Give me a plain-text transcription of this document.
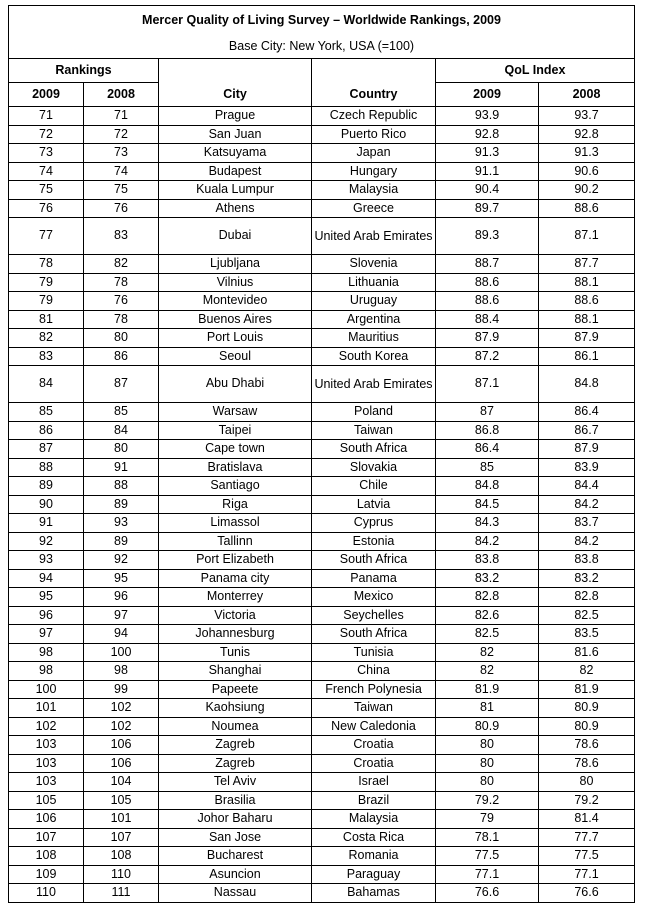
Mercer Quality of Living Survey – Worldwide Rankings, 2009					
Base City: New York, USA (=100)					
Rankings		City	Country	QoL Index	
2009	2008			2009	2008
71	71	Prague	Czech Republic	93.9	93.7
72	72	San Juan	Puerto Rico	92.8	92.8
73	73	Katsuyama	Japan	91.3	91.3
74	74	Budapest	Hungary	91.1	90.6
75	75	Kuala Lumpur	Malaysia	90.4	90.2
76	76	Athens	Greece	89.7	88.6
77	83	Dubai	United Arab Emirates	89.3	87.1
78	82	Ljubljana	Slovenia	88.7	87.7
79	78	Vilnius	Lithuania	88.6	88.1
79	76	Montevideo	Uruguay	88.6	88.6
81	78	Buenos Aires	Argentina	88.4	88.1
82	80	Port Louis	Mauritius	87.9	87.9
83	86	Seoul	South Korea	87.2	86.1
84	87	Abu Dhabi	United Arab Emirates	87.1	84.8
85	85	Warsaw	Poland	87	86.4
86	84	Taipei	Taiwan	86.8	86.7
87	80	Cape town	South Africa	86.4	87.9
88	91	Bratislava	Slovakia	85	83.9
89	88	Santiago	Chile	84.8	84.4
90	89	Riga	Latvia	84.5	84.2
91	93	Limassol	Cyprus	84.3	83.7
92	89	Tallinn	Estonia	84.2	84.2
93	92	Port Elizabeth	South Africa	83.8	83.8
94	95	Panama city	Panama	83.2	83.2
95	96	Monterrey	Mexico	82.8	82.8
96	97	Victoria	Seychelles	82.6	82.5
97	94	Johannesburg	South Africa	82.5	83.5
98	100	Tunis	Tunisia	82	81.6
98	98	Shanghai	China	82	82
100	99	Papeete	French Polynesia	81.9	81.9
101	102	Kaohsiung	Taiwan	81	80.9
102	102	Noumea	New Caledonia	80.9	80.9
103	106	Zagreb	Croatia	80	78.6
103	106	Zagreb	Croatia	80	78.6
103	104	Tel Aviv	Israel	80	80
105	105	Brasilia	Brazil	79.2	79.2
106	101	Johor Baharu	Malaysia	79	81.4
107	107	San Jose	Costa Rica	78.1	77.7
108	108	Bucharest	Romania	77.5	77.5
109	110	Asuncion	Paraguay	77.1	77.1
110	111	Nassau	Bahamas	76.6	76.6
